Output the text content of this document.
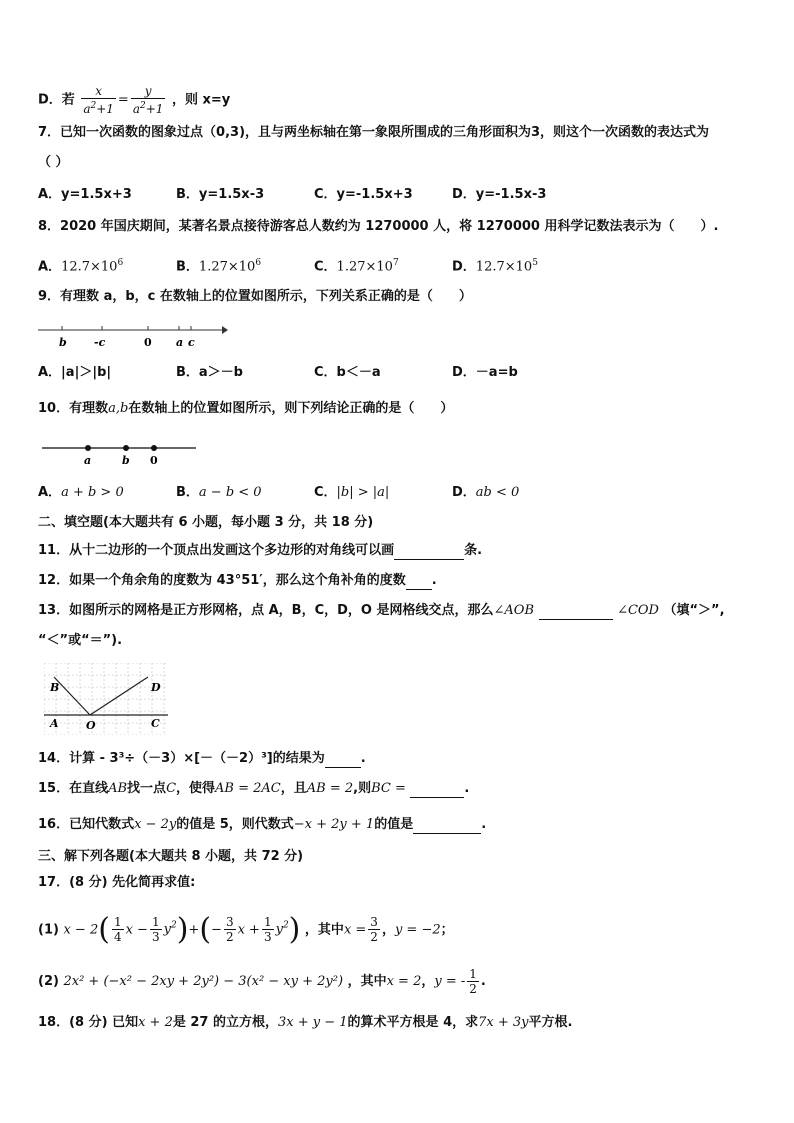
D．若 $\frac{x}{a^2+1} = \frac{y}{a^2+1}$ ，则 x=y
7．已知一次函数的图象过点（0,3)，且与两坐标轴在第一象限所围成的三角形面积为3，则这个一次函数的表达式为
（ ）
A．y=1.5x+3	B．y=1.5x-3	C．y=-1.5x+3	D．y=-1.5x-3
8．2020 年国庆期间，某著名景点接待游客总人数约为 1270000 人，将 1270000 用科学记数法表示为（　　）.
A．$12.7\times 10^6$	B．$1.27\times 10^6$	C．$1.27\times 10^7$	D．$12.7\times 10^5$
9．有理数 a，b，c 在数轴上的位置如图所示，下列关系正确的是（　　）
b -c	0 a c
A．|a|＞|b|	B．a＞－b	C．b＜－a	D．－a=b
10．有理数a,b在数轴上的位置如图所示，则下列结论正确的是（　　）
a	b 0
A．a + b > 0	B．a − b < 0	C．|b| > |a|	D．ab < 0
二、填空题(本大题共有 6 小题，每小题 3 分，共 18 分)
11．从十二边形的一个顶点出发画这个多边形的对角线可以画	条.
12．如果一个角余角的度数为 43°51′，那么这个角补角的度数 .
13．如图所示的网格是正方形网格，点 A，B，C，D，O 是网格线交点，那么∠AOB	∠COD （填“＞”,
“＜”或“＝”).
B	D
A O	C
14．计算 - 3³÷（－3）×[－（－2）³]的结果为	.
15．在直线AB找一点C，使得AB = 2AC，且AB = 2,则BC =	.
16．已知代数式x − 2y的值是 5，则代数式−x + 2y + 1的值是	.
三、解下列各题(本大题共 8 小题，共 72 分)
17．(8 分) 先化简再求值:
(1) $x - 2( \frac{1}{4}$ $x - \frac{1}{3} y^2)+(- \frac{3}{2}$ $x + \frac{1}{3} y^2$) ，其中$x = \frac{3}{2}$ ，y = −2；
(2) 2x² + (−x² − 2xy + 2y²) − 3(x² − xy + 2y²) ，其中x = 2，y = - $\frac{1}{2}$ .
18．(8 分) 已知x + 2是 27 的立方根，3x + y − 1的算术平方根是 4，求7x + 3y平方根.
